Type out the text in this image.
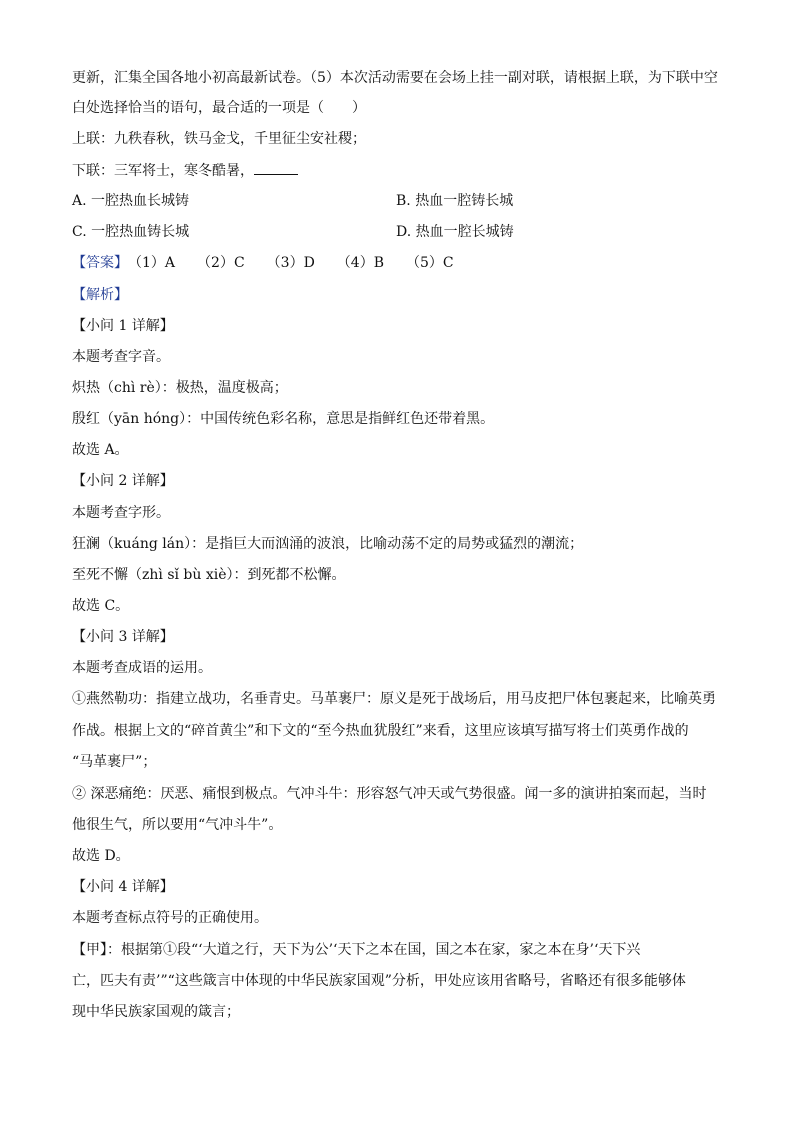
更新，汇集全国各地小初高最新试卷。（5）本次活动需要在会场上挂一副对联，请根据上联，为下联中空
白处选择恰当的语句，最合适的一项是（　　）
上联：九秩春秋，铁马金戈，千里征尘安社稷；
下联：三军将士，寒冬酷暑，
A. 一腔热血长城铸	B. 热血一腔铸长城
C. 一腔热血铸长城	D. 热血一腔长城铸
【答案】（1）A （2）C （3）D （4）B （5）C
【解析】
【小问 1 详解】
本题考查字音。
炽热（chì rè）：极热，温度极高；
殷红（yān hóng）：中国传统色彩名称，意思是指鲜红色还带着黑。
故选 A。
【小问 2 详解】
本题考查字形。
狂澜（kuáng lán）：是指巨大而汹涌的波浪，比喻动荡不定的局势或猛烈的潮流；
至死不懈（zhì sǐ bù xiè）：到死都不松懈。
故选 C。
【小问 3 详解】
本题考查成语的运用。
①燕然勒功：指建立战功，名垂青史。马革裹尸：原义是死于战场后，用马皮把尸体包裹起来，比喻英勇
作战。根据上文的“碎首黄尘”和下文的“至今热血犹殷红”来看，这里应该填写描写将士们英勇作战的
“马革裹尸”；
② 深恶痛绝：厌恶、痛恨到极点。气冲斗牛：形容怒气冲天或气势很盛。闻一多的演讲拍案而起，当时
他很生气，所以要用“气冲斗牛”。
故选 D。
【小问 4 详解】
本题考查标点符号的正确使用。
【甲】：根据第①段“‘大道之行，天下为公’‘天下之本在国，国之本在家，家之本在身’‘天下兴
亡，匹夫有责’”“这些箴言中体现的中华民族家国观”分析，甲处应该用省略号，省略还有很多能够体
现中华民族家国观的箴言；
